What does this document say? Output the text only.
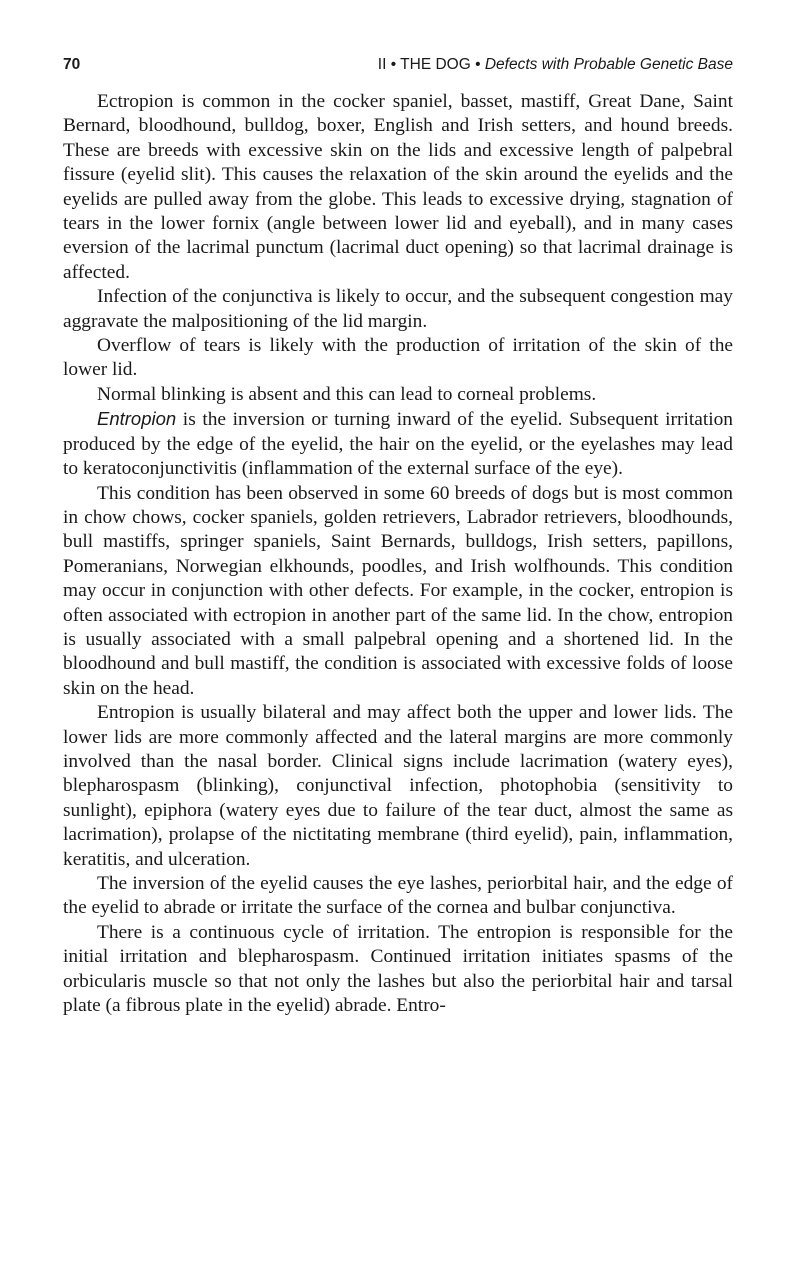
70	II • THE DOG • Defects with Probable Genetic Base

Ectropion is common in the cocker spaniel, basset, mastiff, Great Dane, Saint Bernard, bloodhound, bulldog, boxer, English and Irish setters, and hound breeds. These are breeds with excessive skin on the lids and excessive length of palpebral fissure (eyelid slit). This causes the relaxation of the skin around the eyelids and the eyelids are pulled away from the globe. This leads to excessive drying, stagnation of tears in the lower fornix (angle between lower lid and eyeball), and in many cases eversion of the lacrimal punctum (lacrimal duct opening) so that lacrimal drainage is affected.

Infection of the conjunctiva is likely to occur, and the subsequent congestion may aggravate the malpositioning of the lid margin.

Overflow of tears is likely with the production of irritation of the skin of the lower lid.

Normal blinking is absent and this can lead to corneal problems.

Entropion is the inversion or turning inward of the eyelid. Subsequent irritation produced by the edge of the eyelid, the hair on the eyelid, or the eyelashes may lead to keratoconjunctivitis (inflammation of the external surface of the eye).

This condition has been observed in some 60 breeds of dogs but is most common in chow chows, cocker spaniels, golden retrievers, Labrador retrievers, bloodhounds, bull mastiffs, springer spaniels, Saint Bernards, bulldogs, Irish setters, papillons, Pomeranians, Norwegian elkhounds, poodles, and Irish wolfhounds. This condition may occur in conjunction with other defects. For example, in the cocker, entropion is often associated with ectropion in another part of the same lid. In the chow, entropion is usually associated with a small palpebral opening and a shortened lid. In the bloodhound and bull mastiff, the condition is associated with excessive folds of loose skin on the head.

Entropion is usually bilateral and may affect both the upper and lower lids. The lower lids are more commonly affected and the lateral margins are more commonly involved than the nasal border. Clinical signs include lacrimation (watery eyes), blepharospasm (blinking), conjunctival infection, photophobia (sensitivity to sunlight), epiphora (watery eyes due to failure of the tear duct, almost the same as lacrimation), prolapse of the nictitating membrane (third eyelid), pain, inflammation, keratitis, and ulceration.

The inversion of the eyelid causes the eye lashes, periorbital hair, and the edge of the eyelid to abrade or irritate the surface of the cornea and bulbar conjunctiva.

There is a continuous cycle of irritation. The entropion is responsible for the initial irritation and blepharospasm. Continued irritation initiates spasms of the orbicularis muscle so that not only the lashes but also the periorbital hair and tarsal plate (a fibrous plate in the eyelid) abrade. Entro-
